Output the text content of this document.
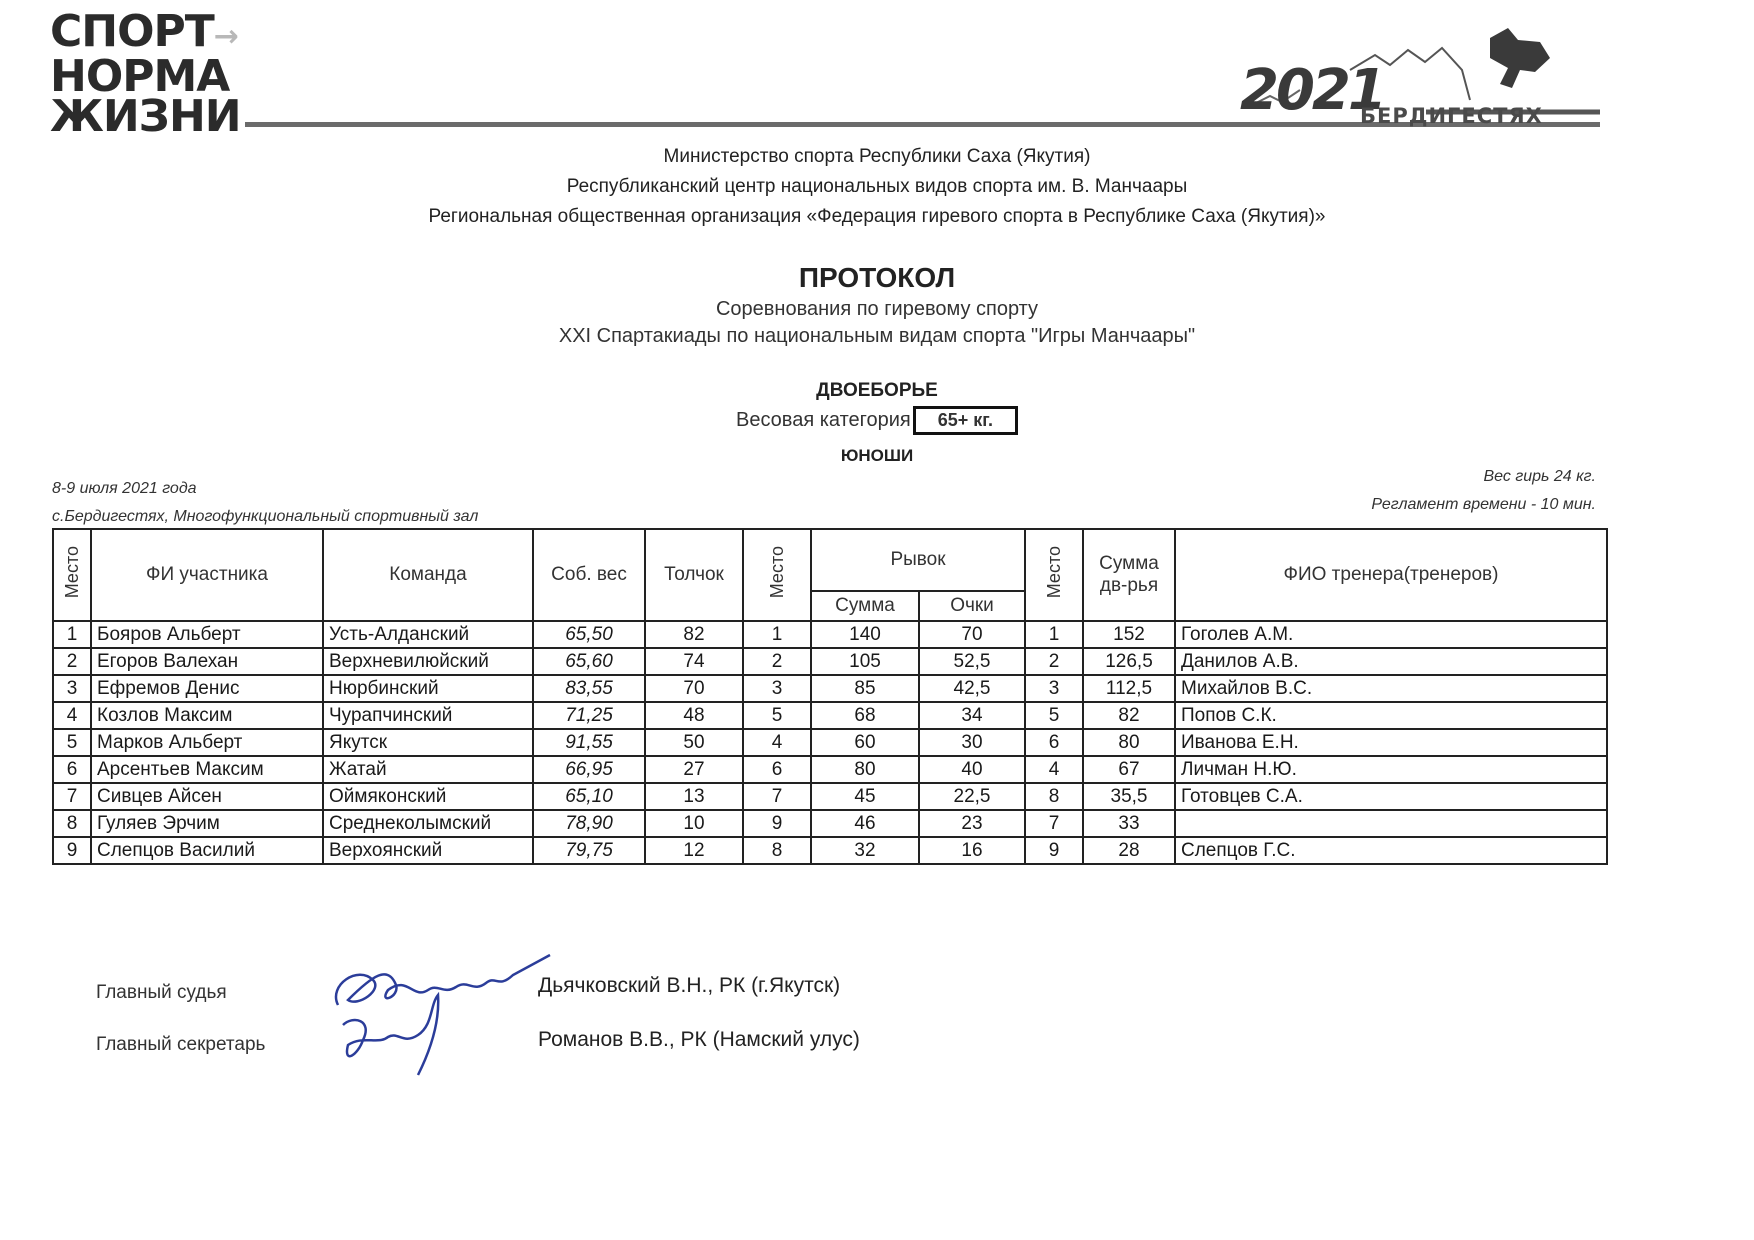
СПОРТ→
НОРМА
ЖИЗНИ	2021
БЕРДИГЕСТЯХ
Министерство спорта Республики Саха (Якутия)
Республиканский центр национальных видов спорта им. В. Манчаары
Региональная общественная организация «Федерация гиревого спорта в Республике Саха (Якутия)»
ПРОТОКОЛ
Соревнования по гиревому спорту
XXI Спартакиады по национальным видам спорта "Игры Манчаары"
ДВОЕБОРЬЕ
Весовая категория 65+ кг.
ЮНОШИ
8-9 июля 2021 года
с.Бердигестях, Многофункциональный спортивный зал
Вес гирь 24 кг.
Регламент времени - 10 мин.
Место	ФИ участника	Команда	Соб. вес	Толчок	Место	Рывок		Место	Сумма
дв-рья	ФИО тренера(тренеров)
						Сумма	Очки			
1	Бояров Альберт	Усть-Алданский	65,50	82	1	140	70	1	152	Гоголев А.М.
2	Егоров Валехан	Верхневилюйский	65,60	74	2	105	52,5	2	126,5	Данилов А.В.
3	Ефремов Денис	Нюрбинский	83,55	70	3	85	42,5	3	112,5	Михайлов В.С.
4	Козлов Максим	Чурапчинский	71,25	48	5	68	34	5	82	Попов С.К.
5	Марков Альберт	Якутск	91,55	50	4	60	30	6	80	Иванова Е.Н.
6	Арсентьев Максим	Жатай	66,95	27	6	80	40	4	67	Личман Н.Ю.
7	Сивцев Айсен	Оймяконский	65,10	13	7	45	22,5	8	35,5	Готовцев С.А.
8	Гуляев Эрчим	Среднеколымский	78,90	10	9	46	23	7	33	
9	Слепцов Василий	Верхоянский	79,75	12	8	32	16	9	28	Слепцов Г.С.
Главный судья
Главный секретарь
Дьячковский В.Н., РК (г.Якутск)
Романов В.В., РК (Намский улус)
